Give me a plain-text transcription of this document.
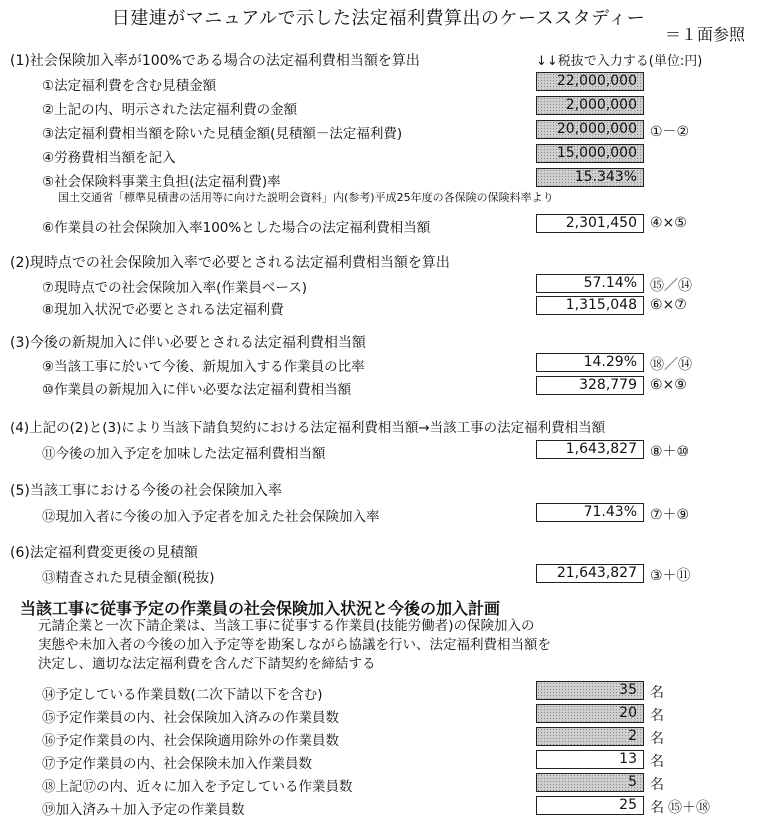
日建連がマニュアルで示した法定福利費算出のケーススタディー
＝１面参照
(1)社会保険加入率が100%である場合の法定福利費相当額を算出	↓↓税抜で入力する(単位:円)
①法定福利費を含む見積金額	22,000,000
②上記の内、明示された法定福利費の金額	2,000,000
③法定福利費相当額を除いた見積金額(見積額－法定福利費)	20,000,000 ①－②
④労務費相当額を記入	15,000,000
⑤社会保険料事業主負担(法定福利費)率	15.343%
国土交通省「標準見積書の活用等に向けた説明会資料」内(参考)平成25年度の各保険の保険料率より
⑥作業員の社会保険加入率100%とした場合の法定福利費相当額	2,301,450 ④×⑤
(2)現時点での社会保険加入率で必要とされる法定福利費相当額を算出
⑦現時点での社会保険加入率(作業員ベース)	57.14% ⑮／⑭
⑧現加入状況で必要とされる法定福利費	1,315,048 ⑥×⑦
(3)今後の新規加入に伴い必要とされる法定福利費相当額
⑨当該工事に於いて今後、新規加入する作業員の比率	14.29% ⑱／⑭
⑩作業員の新規加入に伴い必要な法定福利費相当額	328,779 ⑥×⑨
(4)上記の(2)と(3)により当該下請負契約における法定福利費相当額→当該工事の法定福利費相当額
⑪今後の加入予定を加味した法定福利費相当額	1,643,827 ⑧＋⑩
(5)当該工事における今後の社会保険加入率
⑫現加入者に今後の加入予定者を加えた社会保険加入率	71.43% ⑦＋⑨
(6)法定福利費変更後の見積額
⑬精査された見積金額(税抜)	21,643,827 ③＋⑪
当該工事に従事予定の作業員の社会保険加入状況と今後の加入計画
元請企業と一次下請企業は、当該工事に従事する作業員(技能労働者)の保険加入の
実態や未加入者の今後の加入予定等を勘案しながら協議を行い、法定福利費相当額を
決定し、適切な法定福利費を含んだ下請契約を締結する
⑭予定している作業員数(二次下請以下を含む)	35 名
⑮予定作業員の内、社会保険加入済みの作業員数	20 名
⑯予定作業員の内、社会保険適用除外の作業員数	2 名
⑰予定作業員の内、社会保険未加入作業員数	13 名
⑱上記⑰の内、近々に加入を予定している作業員数	5 名
⑲加入済み＋加入予定の作業員数	25 名 ⑮＋⑱
